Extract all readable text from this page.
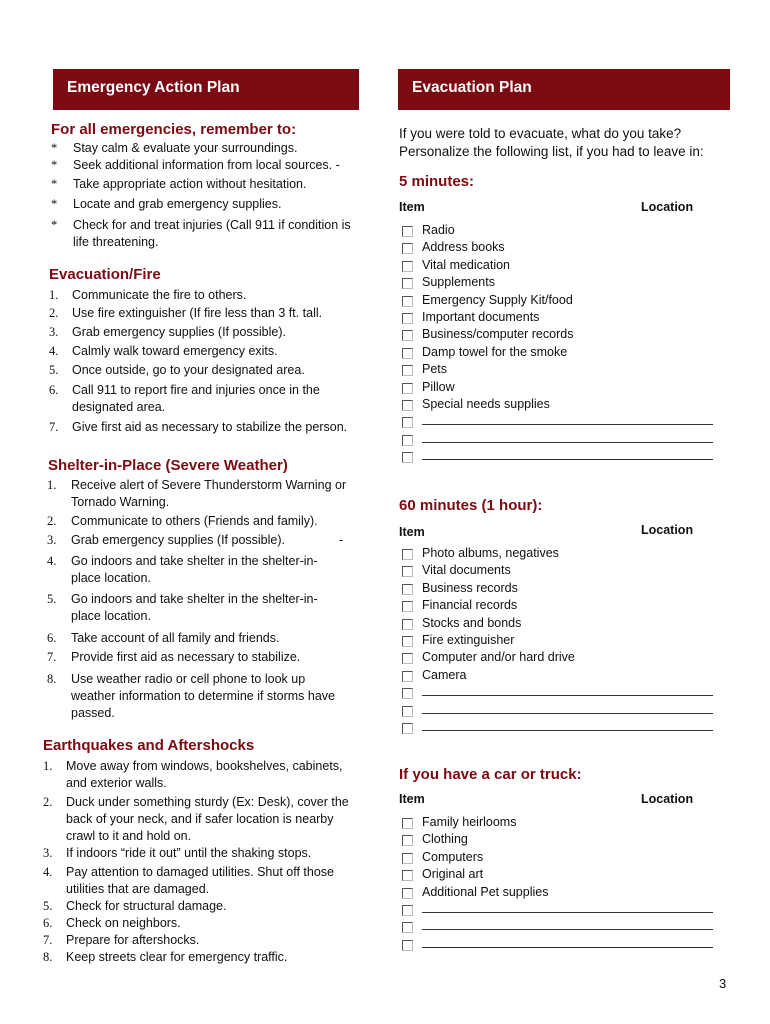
Emergency Action Plan	Evacuation Plan
For all emergencies, remember to:
* Stay calm & evaluate your surroundings.
* Seek additional information from local sources. -
* Take appropriate action without hesitation.
* Locate and grab emergency supplies.
* Check for and treat injuries (Call 911 if condition is life threatening.
Evacuation/Fire
1. Communicate the fire to others.
2. Use fire extinguisher (If fire less than 3 ft. tall.
3. Grab emergency supplies (If possible).
4. Calmly walk toward emergency exits.
5. Once outside, go to your designated area.
6. Call 911 to report fire and injuries once in the designated area.
7. Give first aid as necessary to stabilize the person.
Shelter-in-Place (Severe Weather)
1. Receive alert of Severe Thunderstorm Warning or Tornado Warning.
2. Communicate to others (Friends and family).
3. Grab emergency supplies (If possible).
4. Go indoors and take shelter in the shelter-in-place location.
5. Go indoors and take shelter in the shelter-in-place location.
6. Take account of all family and friends.
7. Provide first aid as necessary to stabilize.
8. Use weather radio or cell phone to look up weather information to determine if storms have passed.
-
Earthquakes and Aftershocks
1. Move away from windows, bookshelves, cabinets, and exterior walls.
2. Duck under something sturdy (Ex: Desk), cover the back of your neck, and if safer location is nearby crawl to it and hold on.
3. If indoors “ride it out” until the shaking stops.
4. Pay attention to damaged utilities. Shut off those utilities that are damaged.
5. Check for structural damage.
6. Check on neighbors.
7. Prepare for aftershocks.
8. Keep streets clear for emergency traffic.
If you were told to evacuate, what do you take?
Personalize the following list, if you had to leave in:
5 minutes:
Item	Location
Radio
Address books
Vital medication
Supplements
Emergency Supply Kit/food
Important documents
Business/computer records
Damp towel for the smoke
Pets
Pillow
Special needs supplies
60 minutes (1 hour):
Item	Location
Photo albums, negatives
Vital documents
Business records
Financial records
Stocks and bonds
Fire extinguisher
Computer and/or hard drive
Camera
If you have a car or truck:
Item	Location
Family heirlooms
Clothing
Computers
Original art
Additional Pet supplies
3
